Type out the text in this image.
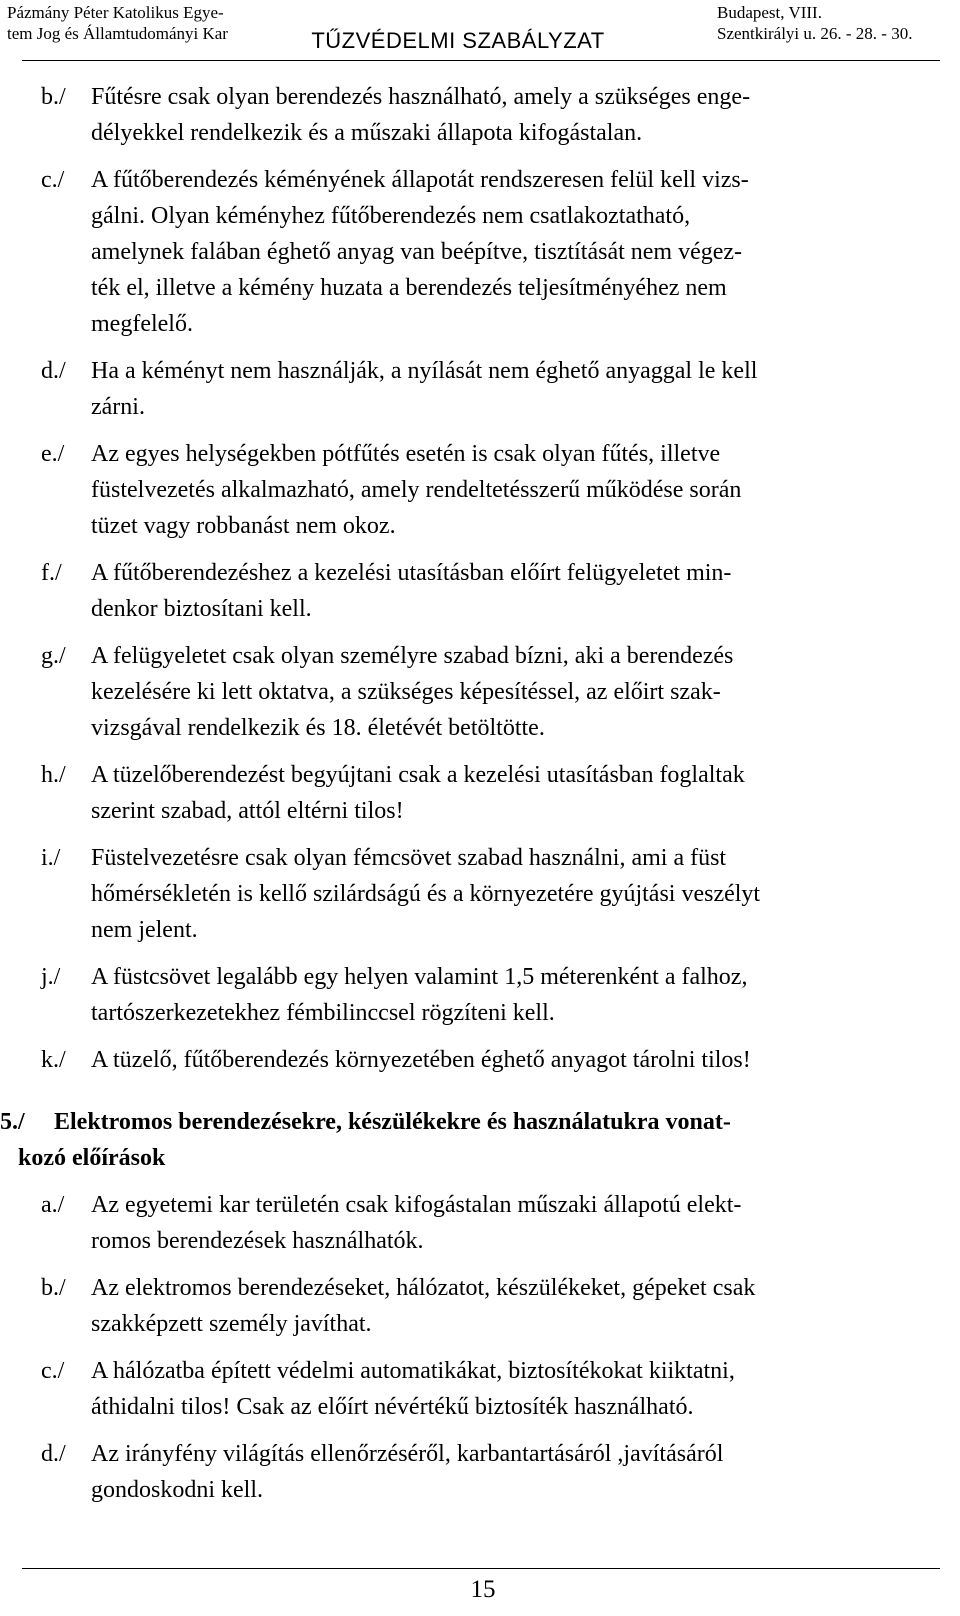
Pázmány Péter Katolikus Egye-
tem Jog és Államtudományi Kar	TŰZVÉDELMI SZABÁLYZAT
Budapest, VIII.
Szentkirályi u. 26. - 28. - 30.
b./ Fűtésre csak olyan berendezés használható, amely a szükséges enge-
délyekkel rendelkezik és a műszaki állapota kifogástalan.
c./ A fűtőberendezés kéményének állapotát rendszeresen felül kell vizs-
gálni. Olyan kéményhez fűtőberendezés nem csatlakoztatható,
amelynek falában éghető anyag van beépítve, tisztítását nem végez-
ték el, illetve a kémény huzata a berendezés teljesítményéhez nem
megfelelő.
d./ Ha a kéményt nem használják, a nyílását nem éghető anyaggal le kell
zárni.
e./ Az egyes helységekben pótfűtés esetén is csak olyan fűtés, illetve
füstelvezetés alkalmazható, amely rendeltetésszerű működése során
tüzet vagy robbanást nem okoz.
f./ A fűtőberendezéshez a kezelési utasításban előírt felügyeletet min-
denkor biztosítani kell.
g./ A felügyeletet csak olyan személyre szabad bízni, aki a berendezés
kezelésére ki lett oktatva, a szükséges képesítéssel, az előirt szak-
vizsgával rendelkezik és 18. életévét betöltötte.
h./ A tüzelőberendezést begyújtani csak a kezelési utasításban foglaltak
szerint szabad, attól eltérni tilos!
i./ Füstelvezetésre csak olyan fémcsövet szabad használni, ami a füst
hőmérsékletén is kellő szilárdságú és a környezetére gyújtási veszélyt
nem jelent.
j./ A füstcsövet legalább egy helyen valamint 1,5 méterenként a falhoz,
tartószerkezetekhez fémbilinccsel rögzíteni kell.
k./ A tüzelő, fűtőberendezés környezetében éghető anyagot tárolni tilos!
5./ Elektromos berendezésekre, készülékekre és használatukra vonat-
kozó előírások
a./ Az egyetemi kar területén csak kifogástalan műszaki állapotú elekt-
romos berendezések használhatók.
b./ Az elektromos berendezéseket, hálózatot, készülékeket, gépeket csak
szakképzett személy javíthat.
c./ A hálózatba épített védelmi automatikákat, biztosítékokat kiiktatni,
áthidalni tilos! Csak az előírt névértékű biztosíték használható.
d./ Az irányfény világítás ellenőrzéséről, karbantartásáról ,javításáról
gondoskodni kell.
15
